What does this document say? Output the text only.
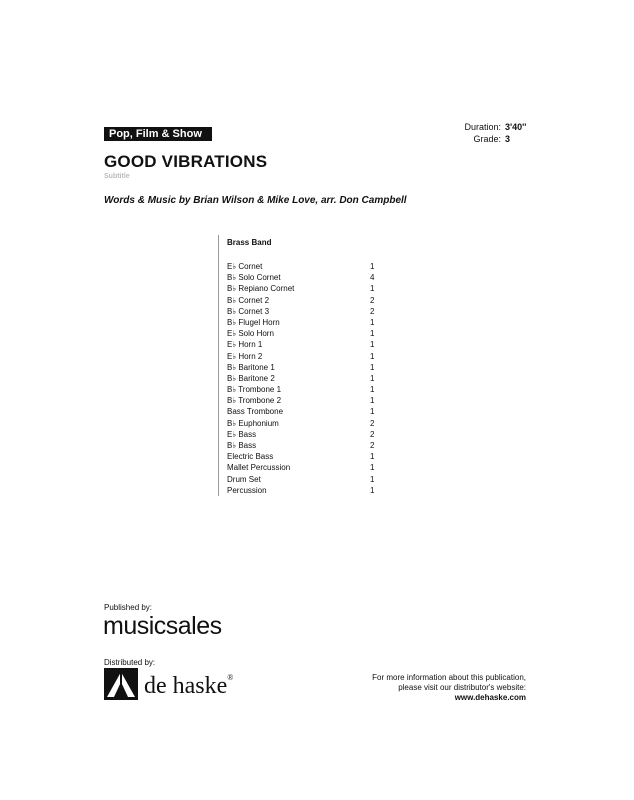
Pop, Film & Show
Duration: 3'40''
Grade: 3
GOOD VIBRATIONS
Subtitle
Words & Music by Brian Wilson & Mike Love, arr. Don Campbell
Brass Band
E♭ Cornet	1
B♭ Solo Cornet	4
B♭ Repiano Cornet	1
B♭ Cornet 2	2
B♭ Cornet 3	2
B♭ Flugel Horn	1
E♭ Solo Horn	1
E♭ Horn 1	1
E♭ Horn 2	1
B♭ Baritone 1	1
B♭ Baritone 2	1
B♭ Trombone 1	1
B♭ Trombone 2	1
Bass Trombone	1
B♭ Euphonium	2
E♭ Bass	2
B♭ Bass	2
Electric Bass	1
Mallet Percussion	1
Drum Set	1
Percussion	1
Published by:
musicsales
Distributed by:
de haske®	For more information about this publication,
please visit our distributor's website:
www.dehaske.com
